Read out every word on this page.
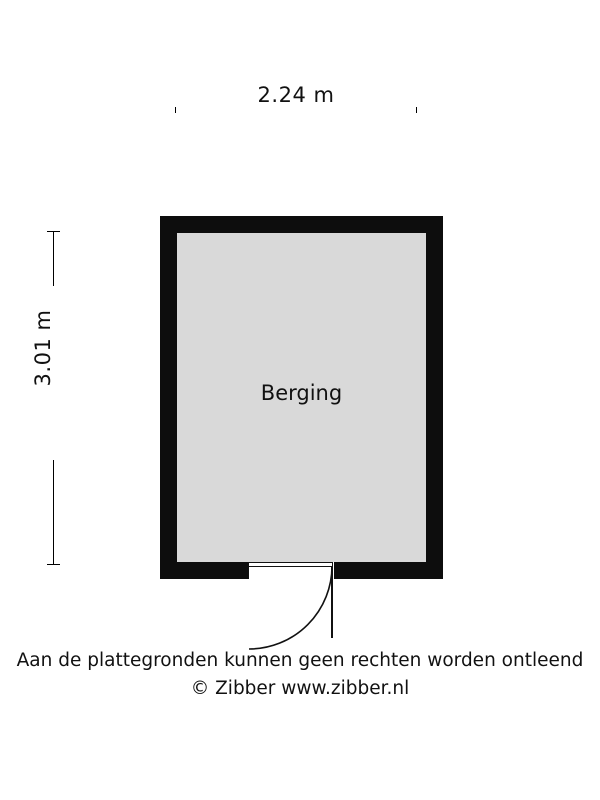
2.24 m
3.01 m
Berging
Aan de plattegronden kunnen geen rechten worden ontleend
© Zibber www.zibber.nl
